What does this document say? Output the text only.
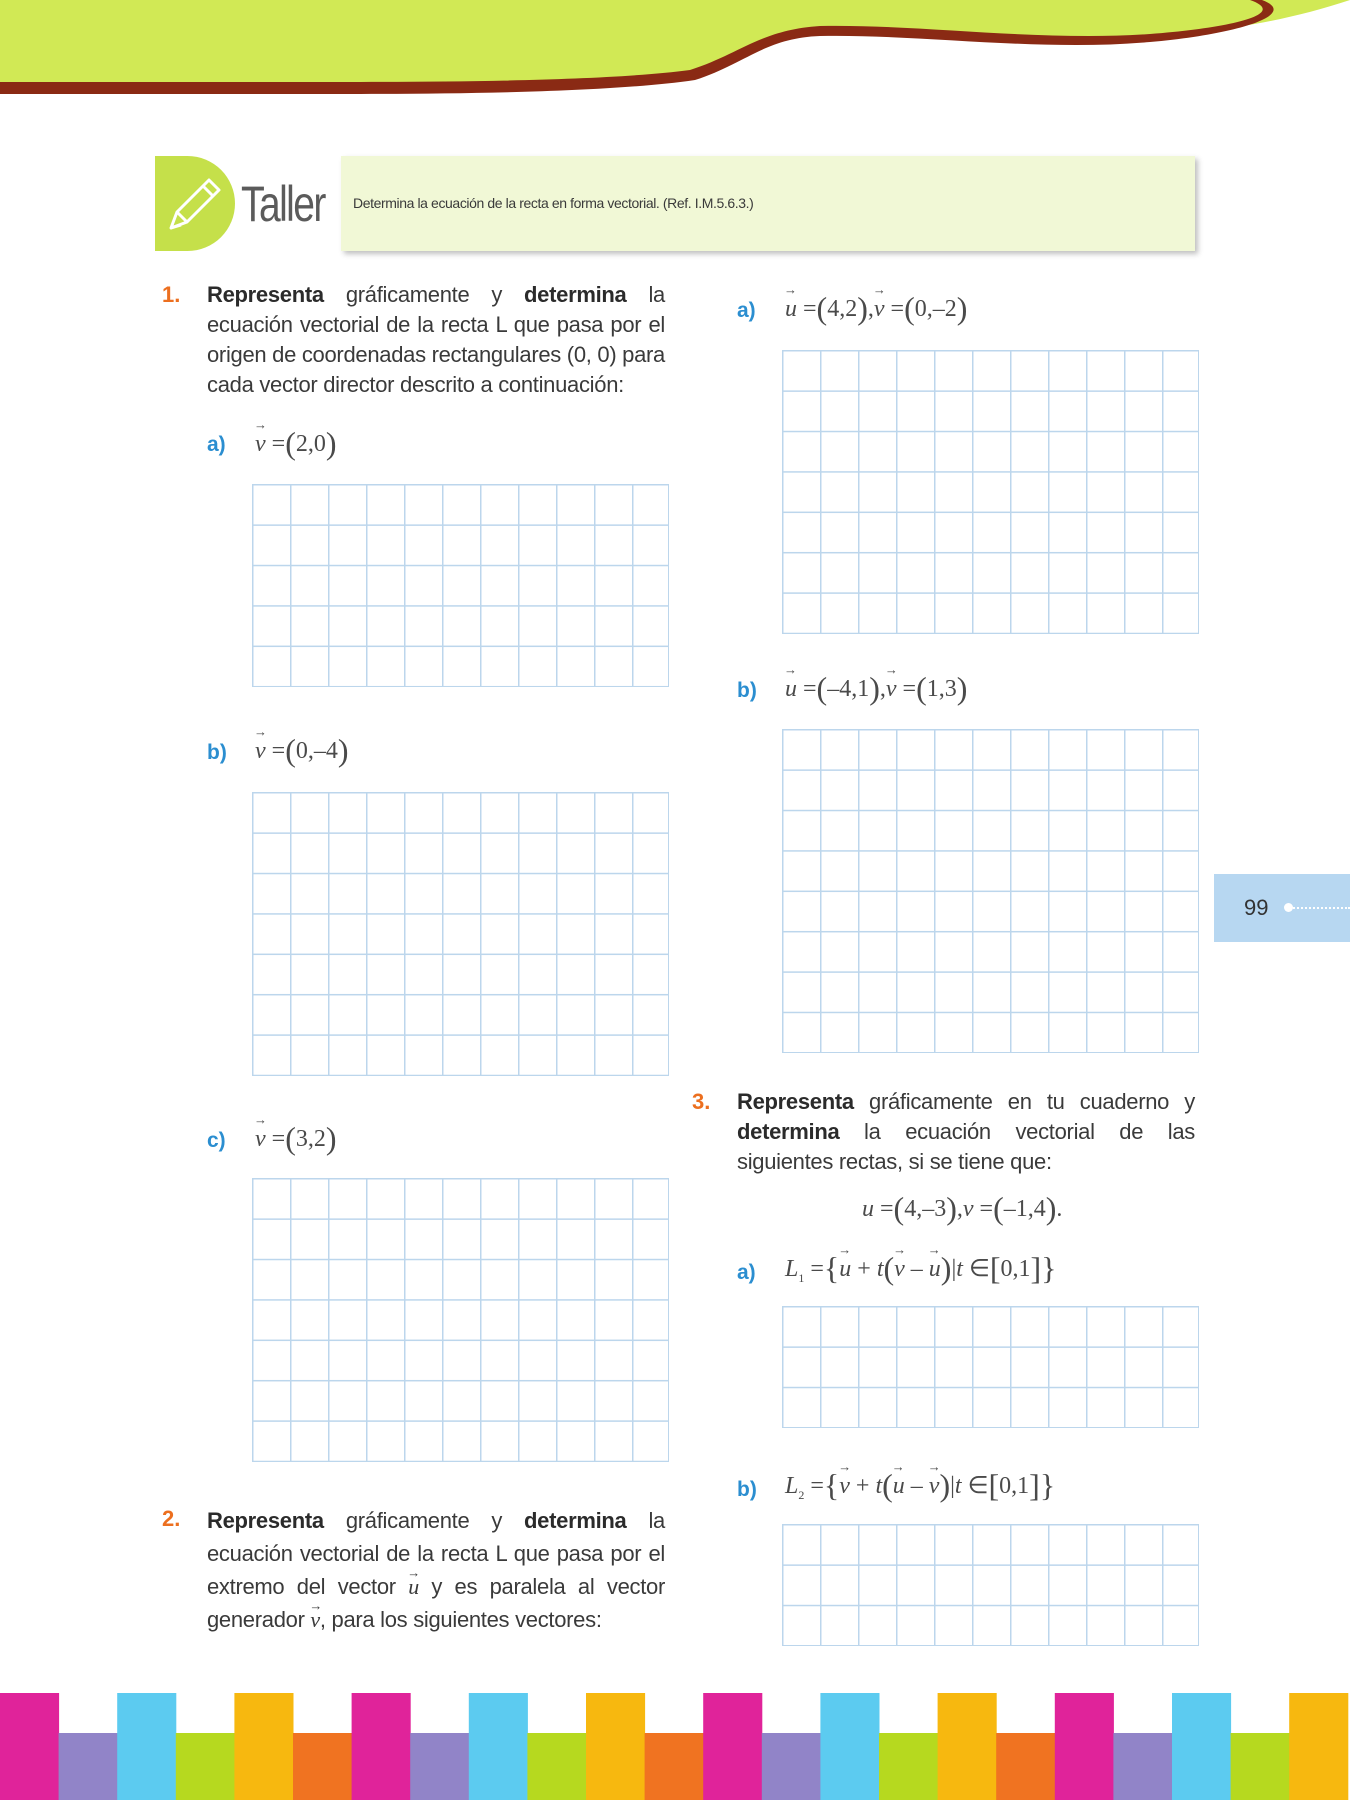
Taller Determina la ecuación de la recta en forma vectorial. (Ref. I.M.5.6.3.)
1. Representa gráficamente y determina la ecuación vectorial de la recta L que pasa por el origen de coordenadas rectangulares (0, 0) para cada vector director descrito a continuación:
a) → v =(2,0)
b) → v =(0,–4)
c) → v =(3,2)
2. Representa gráficamente y determina la ecuación vectorial de la recta L que pasa por el extremo del vector → u y es paralela al vector generador → v, para los siguientes vectores:
a) → u =(4,2),→ v =(0,–2)
b) → u =(–4,1),→ v =(1,3)
99
3. Representa gráficamente en tu cuaderno y determina la ecuación vectorial de las siguientes rectas, si se tiene que:
u =(4,–3),v =(–1,4).
a) $L_1$ ={→ u + t(→ v – → u)|t ∈[0,1]}
b) $L_2$ ={→ v + t(→ u – → v)|t ∈[0,1]}
